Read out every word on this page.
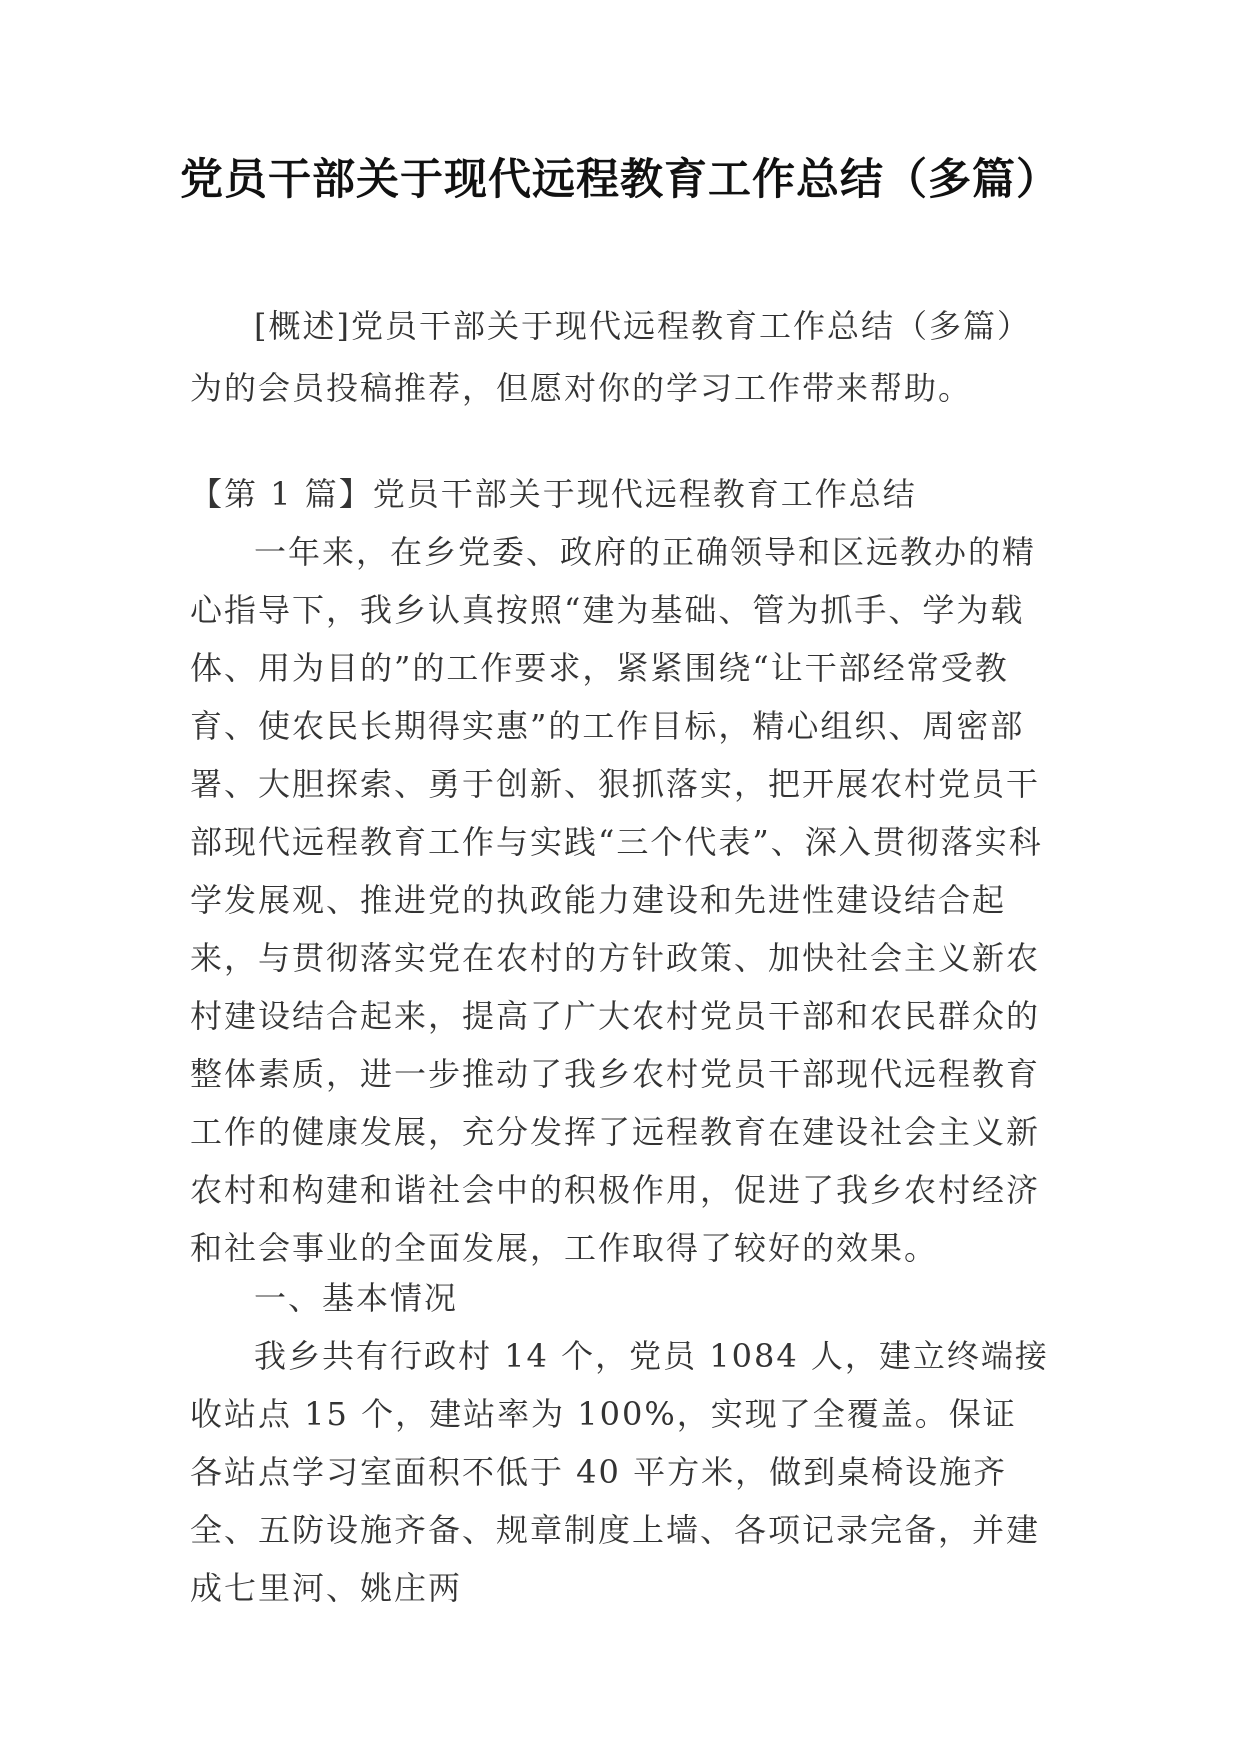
党员干部关于现代远程教育工作总结（多篇）
[概述]党员干部关于现代远程教育工作总结（多篇）为的会员投稿推荐，但愿对你的学习工作带来帮助。
【第 1 篇】党员干部关于现代远程教育工作总结
一年来，在乡党委、政府的正确领导和区远教办的精心指导下，我乡认真按照“建为基础、管为抓手、学为载体、用为目的”的工作要求，紧紧围绕“让干部经常受教育、使农民长期得实惠”的工作目标，精心组织、周密部署、大胆探索、勇于创新、狠抓落实，把开展农村党员干部现代远程教育工作与实践“三个代表”、深入贯彻落实科学发展观、推进党的执政能力建设和先进性建设结合起来，与贯彻落实党在农村的方针政策、加快社会主义新农村建设结合起来，提高了广大农村党员干部和农民群众的整体素质，进一步推动了我乡农村党员干部现代远程教育工作的健康发展，充分发挥了远程教育在建设社会主义新农村和构建和谐社会中的积极作用，促进了我乡农村经济和社会事业的全面发展，工作取得了较好的效果。
一、基本情况
我乡共有行政村 14 个，党员 1084 人，建立终端接收站点 15 个，建站率为 100%，实现了全覆盖。保证各站点学习室面积不低于 40 平方米，做到桌椅设施齐全、五防设施齐备、规章制度上墙、各项记录完备，并建成七里河、姚庄两
